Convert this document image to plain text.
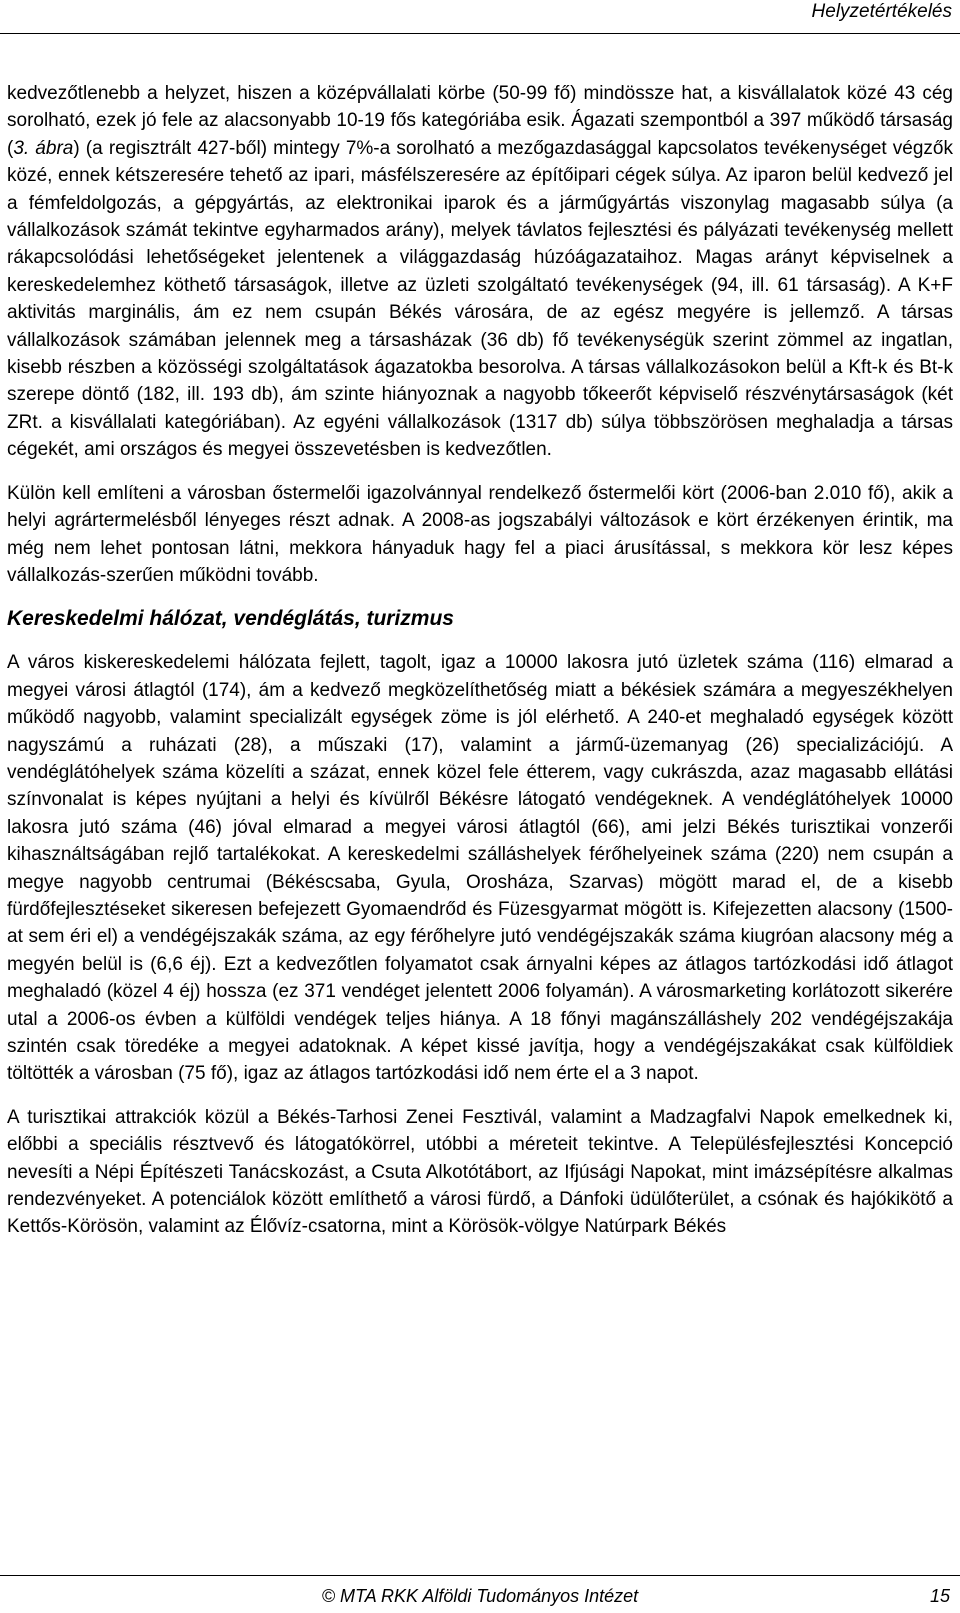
Helyzetértékelés

kedvezőtlenebb a helyzet, hiszen a középvállalati körbe (50-99 fő) mindössze hat, a kisvállalatok közé 43 cég sorolható, ezek jó fele az alacsonyabb 10-19 fős kategóriába esik. Ágazati szempontból a 397 működő társaság (3. ábra) (a regisztrált 427-ből) mintegy 7%-a sorolható a mezőgazdasággal kapcsolatos tevékenységet végzők közé, ennek kétszeresére tehető az ipari, másfélszeresére az építőipari cégek súlya. Az iparon belül kedvező jel a fémfeldolgozás, a gépgyártás, az elektronikai iparok és a járműgyártás viszonylag magasabb súlya (a vállalkozások számát tekintve egyharmados arány), melyek távlatos fejlesztési és pályázati tevékenység mellett rákapcsolódási lehetőségeket jelentenek a világgazdaság húzóágazataihoz. Magas arányt képviselnek a kereskedelemhez köthető társaságok, illetve az üzleti szolgáltató tevékenységek (94, ill. 61 társaság). A K+F aktivitás marginális, ám ez nem csupán Békés városára, de az egész megyére is jellemző. A társas vállalkozások számában jelennek meg a társasházak (36 db) fő tevékenységük szerint zömmel az ingatlan, kisebb részben a közösségi szolgáltatások ágazatokba besorolva. A társas vállalkozásokon belül a Kft-k és Bt-k szerepe döntő (182, ill. 193 db), ám szinte hiányoznak a nagyobb tőkeerőt képviselő részvénytársaságok (két ZRt. a kisvállalati kategóriában). Az egyéni vállalkozások (1317 db) súlya többszörösen meghaladja a társas cégekét, ami országos és megyei összevetésben is kedvezőtlen.

Külön kell említeni a városban őstermelői igazolvánnyal rendelkező őstermelői kört (2006-ban 2.010 fő), akik a helyi agrártermelésből lényeges részt adnak. A 2008-as jogszabályi változások e kört érzékenyen érintik, ma még nem lehet pontosan látni, mekkora hányaduk hagy fel a piaci árusítással, s mekkora kör lesz képes vállalkozás-szerűen működni tovább.

Kereskedelmi hálózat, vendéglátás, turizmus

A város kiskereskedelemi hálózata fejlett, tagolt, igaz a 10000 lakosra jutó üzletek száma (116) elmarad a megyei városi átlagtól (174), ám a kedvező megközelíthetőség miatt a békésiek számára a megyeszékhelyen működő nagyobb, valamint specializált egységek zöme is jól elérhető. A 240-et meghaladó egységek között nagyszámú a ruházati (28), a műszaki (17), valamint a jármű-üzemanyag (26) specializációjú. A vendéglátóhelyek száma közelíti a százat, ennek közel fele étterem, vagy cukrászda, azaz magasabb ellátási színvonalat is képes nyújtani a helyi és kívülről Békésre látogató vendégeknek. A vendéglátóhelyek 10000 lakosra jutó száma (46) jóval elmarad a megyei városi átlagtól (66), ami jelzi Békés turisztikai vonzerői kihasználtságában rejlő tartalékokat. A kereskedelmi szálláshelyek férőhelyeinek száma (220) nem csupán a megye nagyobb centrumai (Békéscsaba, Gyula, Orosháza, Szarvas) mögött marad el, de a kisebb fürdőfejlesztéseket sikeresen befejezett Gyomaendrőd és Füzesgyarmat mögött is. Kifejezetten alacsony (1500-at sem éri el) a vendégéjszakák száma, az egy férőhelyre jutó vendégéjszakák száma kiugróan alacsony még a megyén belül is (6,6 éj). Ezt a kedvezőtlen folyamatot csak árnyalni képes az átlagos tartózkodási idő átlagot meghaladó (közel 4 éj) hossza (ez 371 vendéget jelentett 2006 folyamán). A városmarketing korlátozott sikerére utal a 2006-os évben a külföldi vendégek teljes hiánya. A 18 főnyi magánszálláshely 202 vendégéjszakája szintén csak töredéke a megyei adatoknak. A képet kissé javítja, hogy a vendégéjszakákat csak külföldiek töltötték a városban (75 fő), igaz az átlagos tartózkodási idő nem érte el a 3 napot.

A turisztikai attrakciók közül a Békés-Tarhosi Zenei Fesztivál, valamint a Madzagfalvi Napok emelkednek ki, előbbi a speciális résztvevő és látogatókörrel, utóbbi a méreteit tekintve. A Településfejlesztési Koncepció nevesíti a Népi Építészeti Tanácskozást, a Csuta Alkotótábort, az Ifjúsági Napokat, mint imázsépítésre alkalmas rendezvényeket. A potenciálok között említhető a városi fürdő, a Dánfoki üdülőterület, a csónak és hajókikötő a Kettős-Körösön, valamint az Élővíz-csatorna, mint a Körösök-völgye Natúrpark Békés

© MTA RKK Alföldi Tudományos Intézet	15
